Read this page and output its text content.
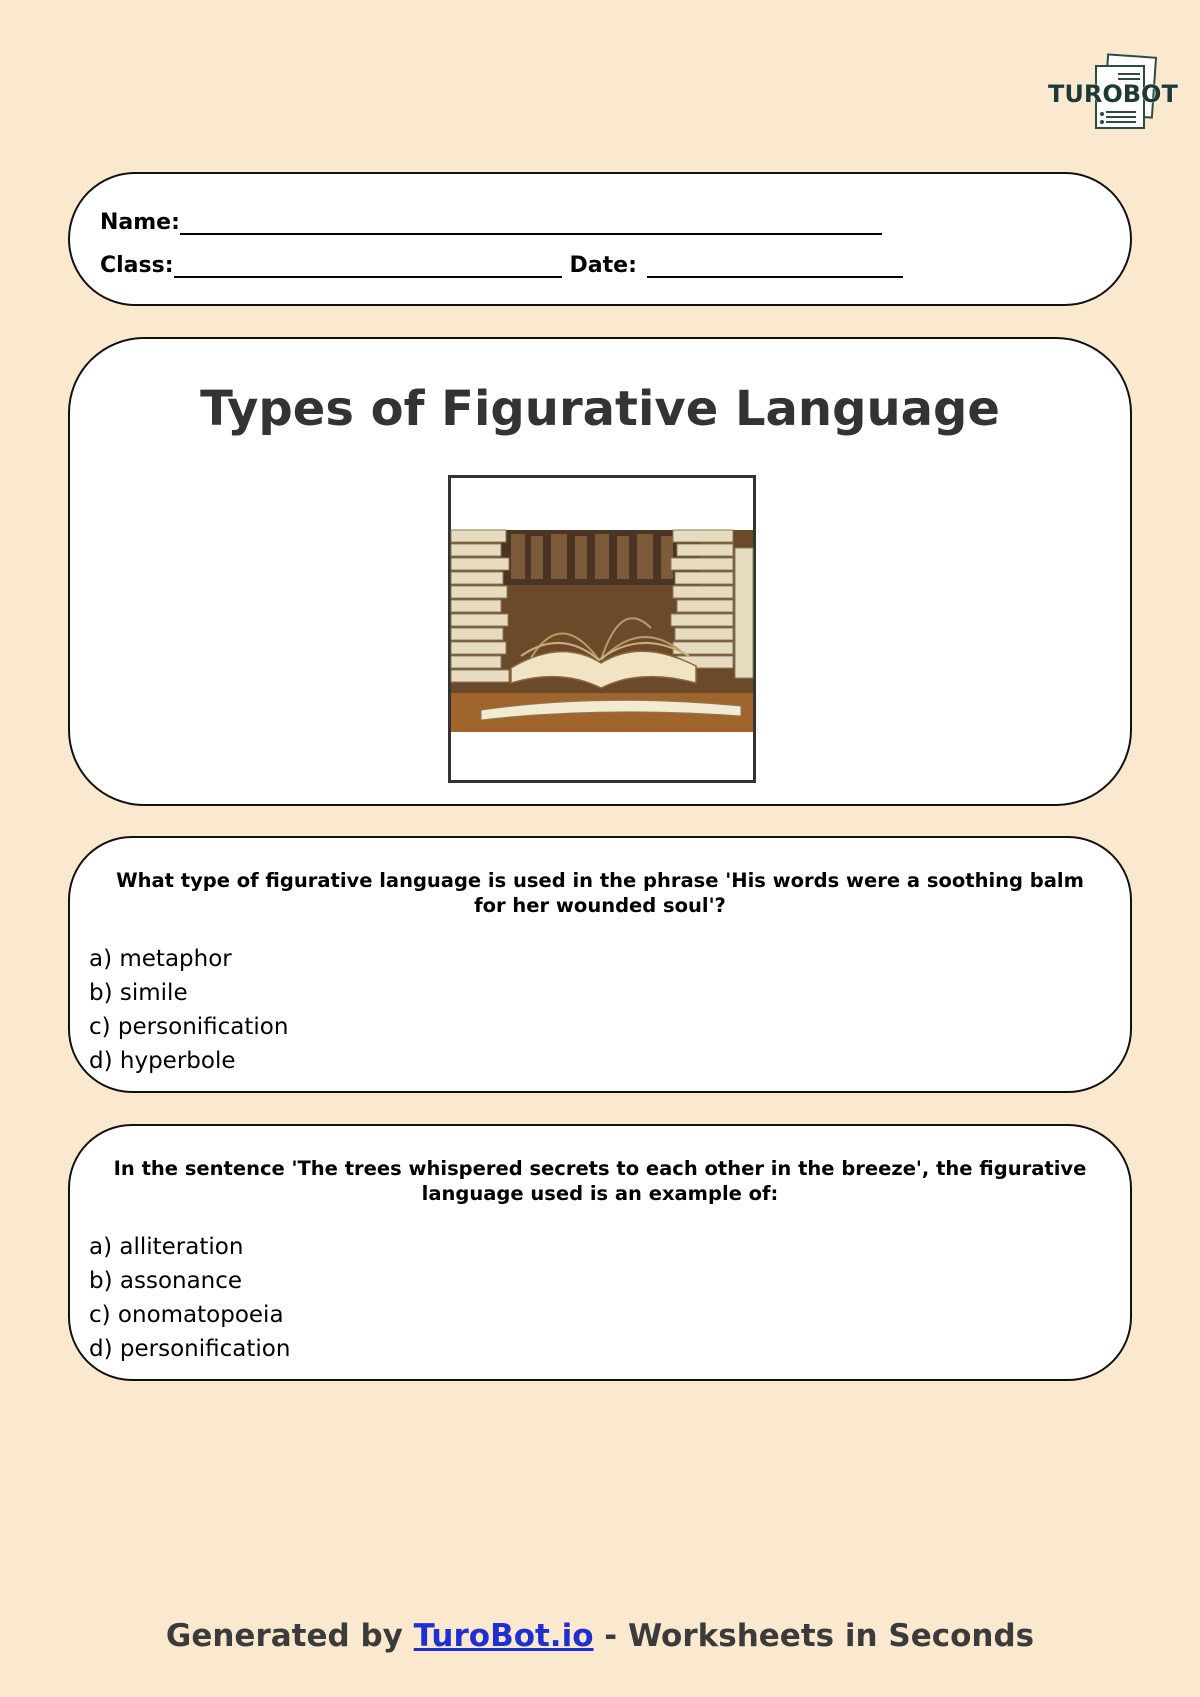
TUROBOT
Name:
Class:	Date:
Types of Figurative Language
What type of figurative language is used in the phrase 'His words were a soothing balm for her wounded soul'?
a) metaphor
b) simile
c) personification
d) hyperbole
In the sentence 'The trees whispered secrets to each other in the breeze', the figurative language used is an example of:
a) alliteration
b) assonance
c) onomatopoeia
d) personification
Generated by TuroBot.io - Worksheets in Seconds
